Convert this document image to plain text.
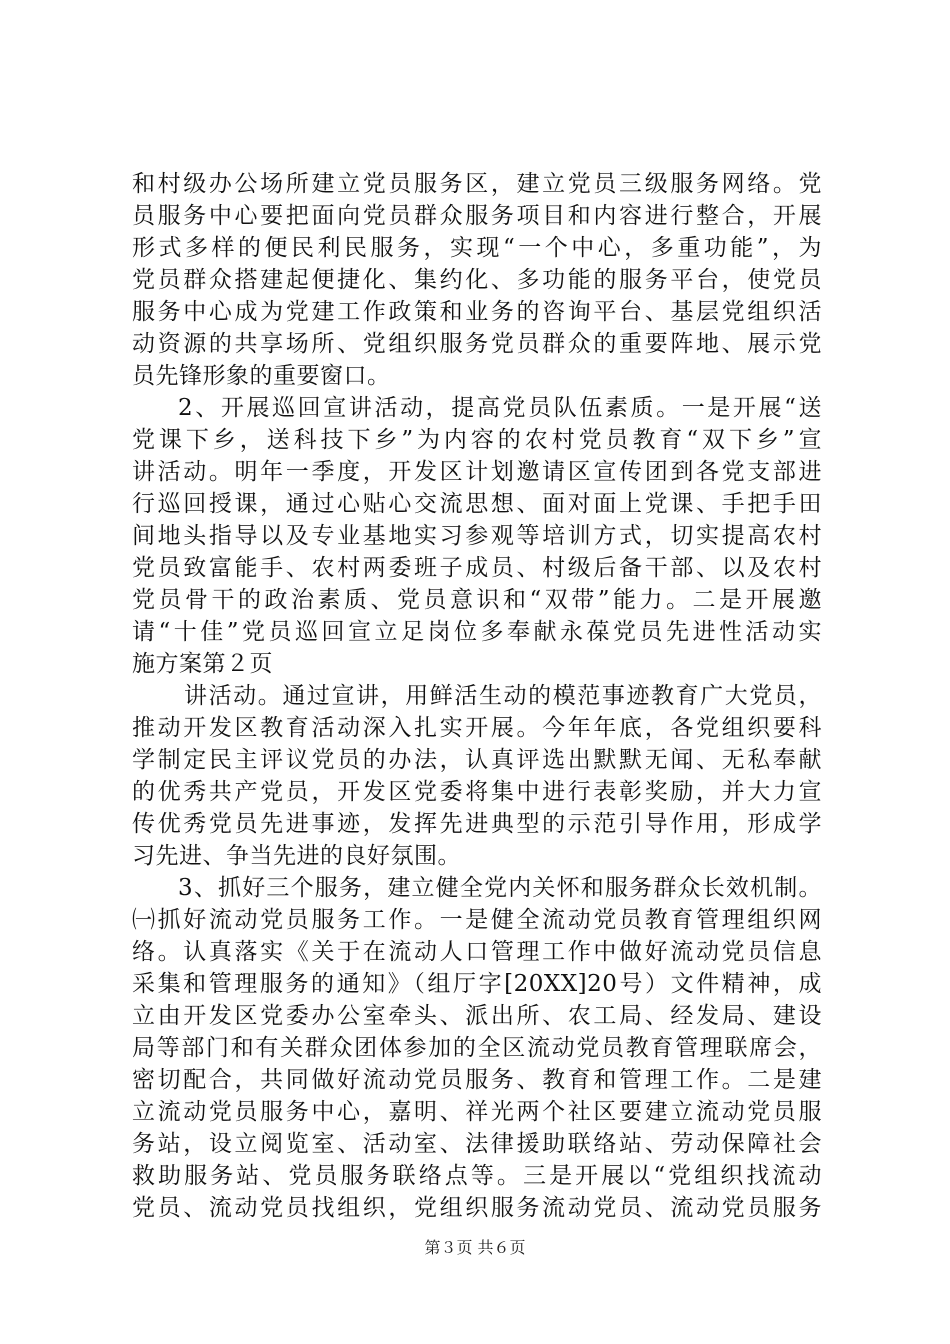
和村级办公场所建立党员服务区，建立党员三级服务网络。党
员服务中心要把面向党员群众服务项目和内容进行整合，开展
形式多样的便民利民服务，实现“一个中心，多重功能”，为
党员群众搭建起便捷化、集约化、多功能的服务平台，使党员
服务中心成为党建工作政策和业务的咨询平台、基层党组织活
动资源的共享场所、党组织服务党员群众的重要阵地、展示党
员先锋形象的重要窗口。
2、开展巡回宣讲活动，提高党员队伍素质。一是开展“送
党课下乡，送科技下乡”为内容的农村党员教育“双下乡”宣
讲活动。明年一季度，开发区计划邀请区宣传团到各党支部进
行巡回授课，通过心贴心交流思想、面对面上党课、手把手田
间地头指导以及专业基地实习参观等培训方式，切实提高农村
党员致富能手、农村两委班子成员、村级后备干部、以及农村
党员骨干的政治素质、党员意识和“双带”能力。二是开展邀
请“十佳”党员巡回宣立足岗位多奉献永葆党员先进性活动实
施方案第２页
讲活动。通过宣讲，用鲜活生动的模范事迹教育广大党员，
推动开发区教育活动深入扎实开展。今年年底，各党组织要科
学制定民主评议党员的办法，认真评选出默默无闻、无私奉献
的优秀共产党员，开发区党委将集中进行表彰奖励，并大力宣
传优秀党员先进事迹，发挥先进典型的示范引导作用，形成学
习先进、争当先进的良好氛围。
3、抓好三个服务，建立健全党内关怀和服务群众长效机制。
㈠抓好流动党员服务工作。一是健全流动党员教育管理组织网
络。认真落实《关于在流动人口管理工作中做好流动党员信息
采集和管理服务的通知》（组厅字[20XX]20号）文件精神，成
立由开发区党委办公室牵头、派出所、农工局、经发局、建设
局等部门和有关群众团体参加的全区流动党员教育管理联席会，
密切配合，共同做好流动党员服务、教育和管理工作。二是建
立流动党员服务中心，嘉明、祥光两个社区要建立流动党员服
务站，设立阅览室、活动室、法律援助联络站、劳动保障社会
救助服务站、党员服务联络点等。三是开展以“党组织找流动
党员、流动党员找组织，党组织服务流动党员、流动党员服务
第３页 共６页
